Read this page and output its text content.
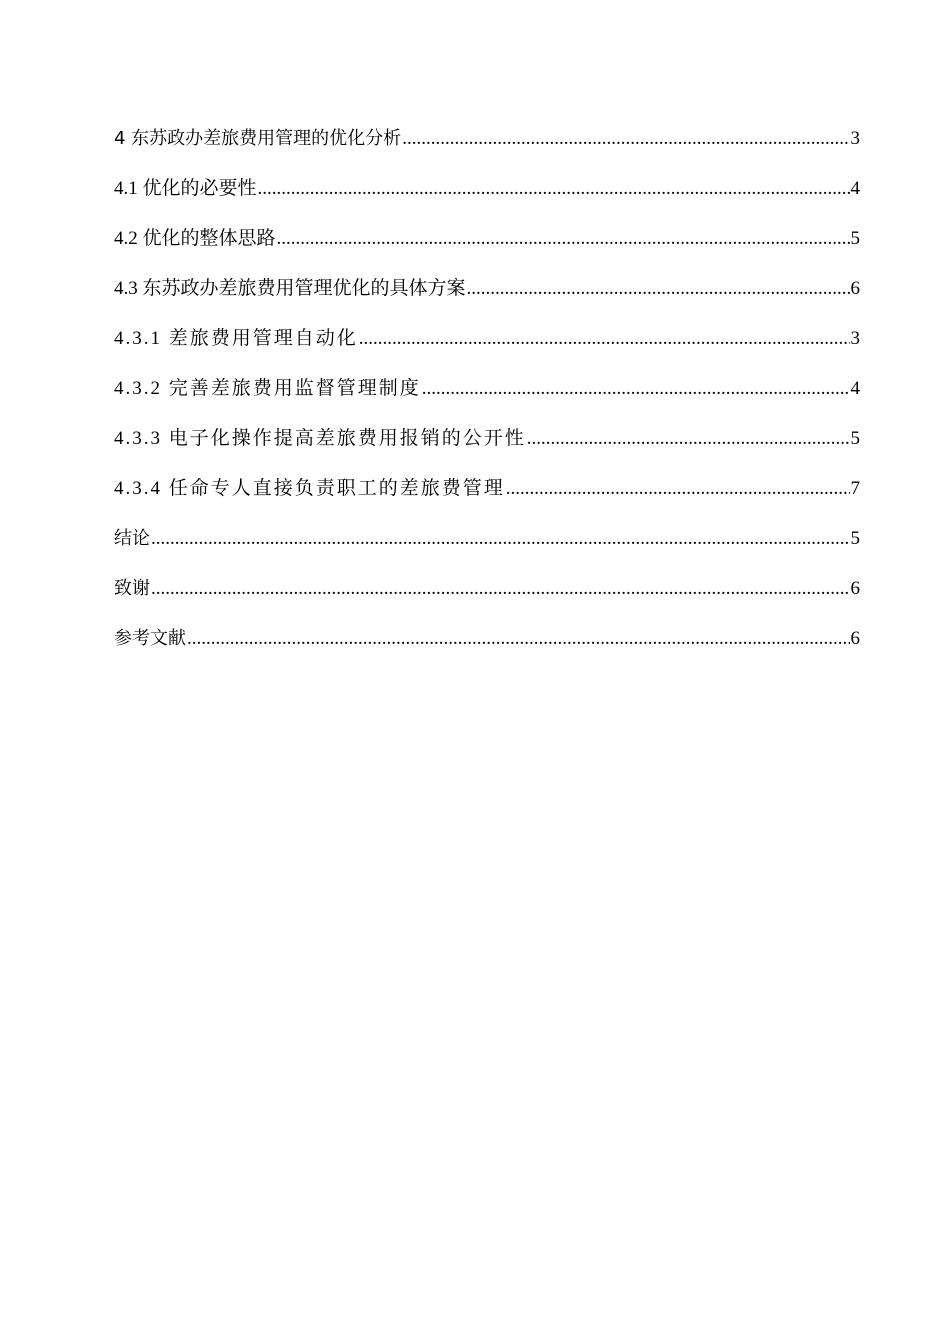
4 东苏政办差旅费用管理的优化分析 .....	3
4.1 优化的必要性 .....	4
4.2 优化的整体思路 .....	5
4.3 东苏政办差旅费用管理优化的具体方案 .....	6
4.3.1 差旅费用管理自动化 .....	3
4.3.2 完善差旅费用监督管理制度 .....	4
4.3.3 电子化操作提高差旅费用报销的公开性 .....	5
4.3.4 任命专人直接负责职工的差旅费管理 .....	7
结论 .....	5
致谢 .....	6
参考文献 .....	6
